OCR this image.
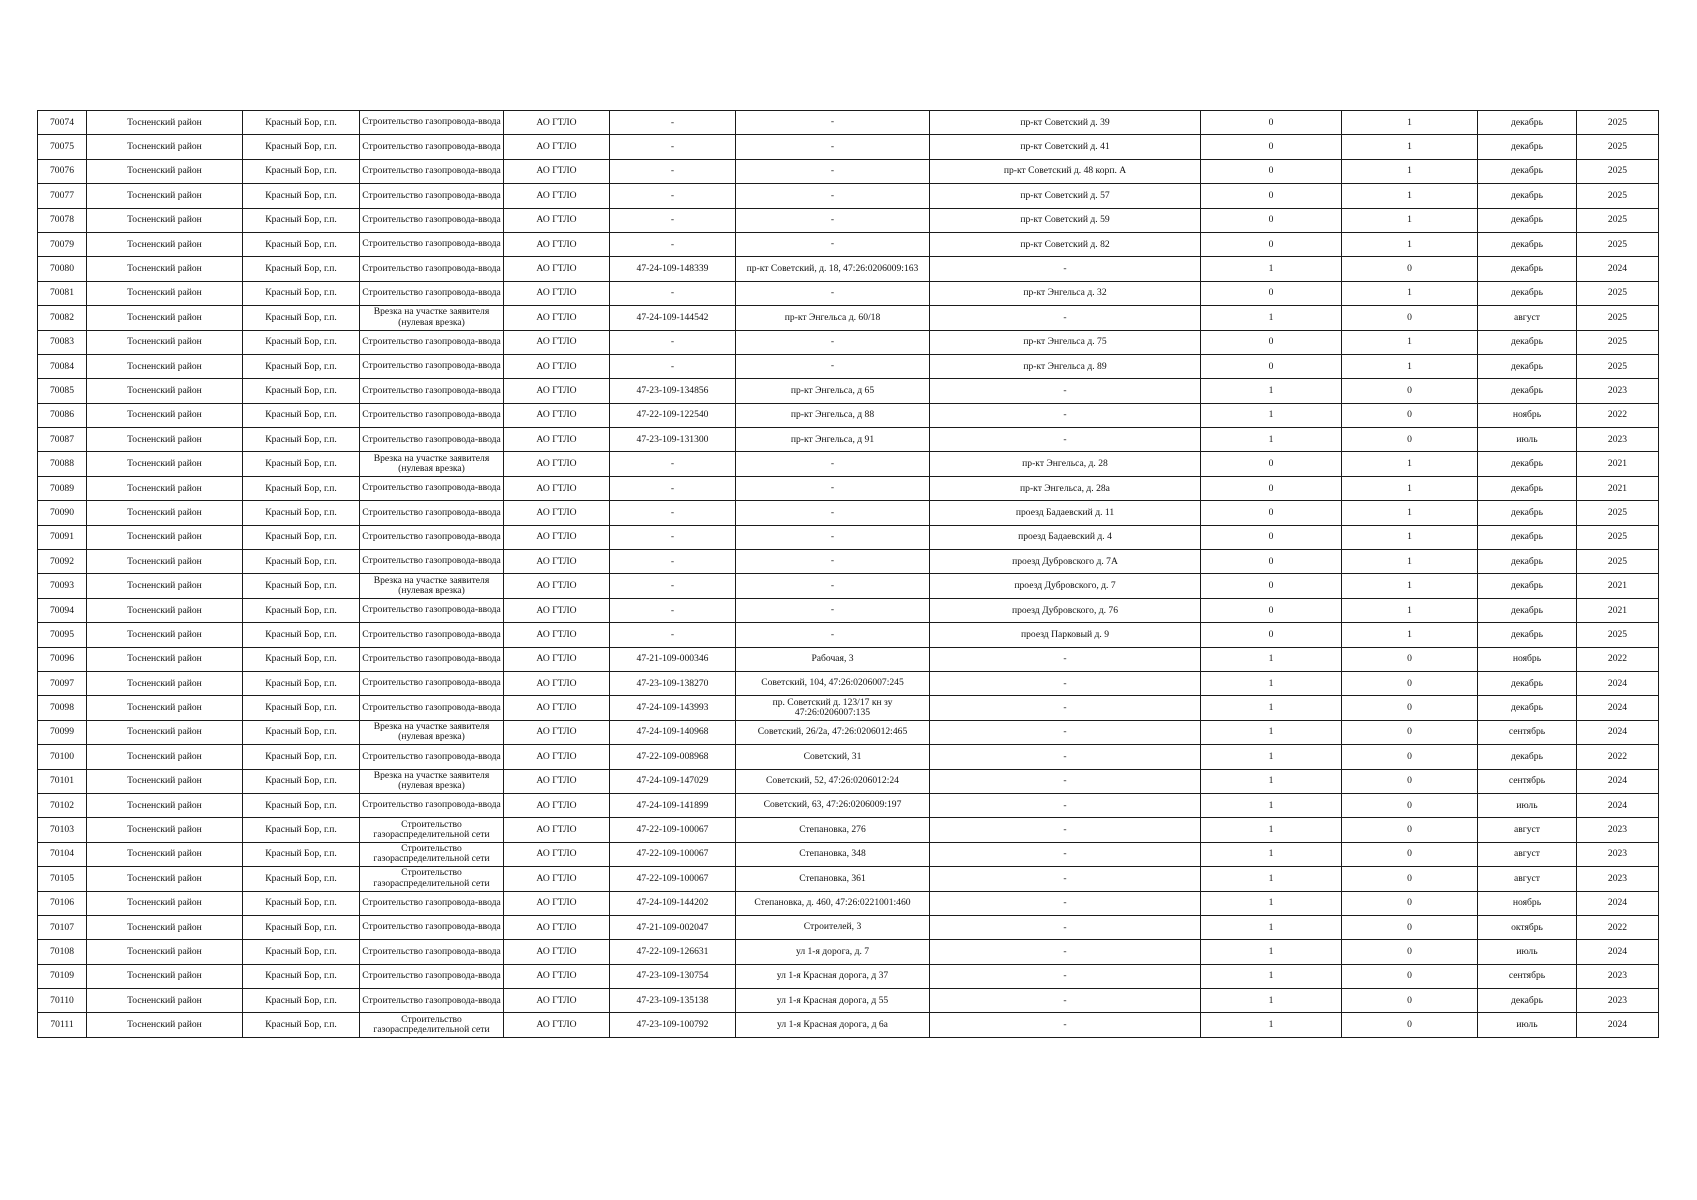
70074	Тосненский район	Красный Бор, г.п.	Строительство газопровода-ввода	АО ГТЛО	-	-	пр-кт Советский д. 39	0	1	декабрь	2025
70075	Тосненский район	Красный Бор, г.п.	Строительство газопровода-ввода	АО ГТЛО	-	-	пр-кт Советский д. 41	0	1	декабрь	2025
70076	Тосненский район	Красный Бор, г.п.	Строительство газопровода-ввода	АО ГТЛО	-	-	пр-кт Советский д. 48 корп. А	0	1	декабрь	2025
70077	Тосненский район	Красный Бор, г.п.	Строительство газопровода-ввода	АО ГТЛО	-	-	пр-кт Советский д. 57	0	1	декабрь	2025
70078	Тосненский район	Красный Бор, г.п.	Строительство газопровода-ввода	АО ГТЛО	-	-	пр-кт Советский д. 59	0	1	декабрь	2025
70079	Тосненский район	Красный Бор, г.п.	Строительство газопровода-ввода	АО ГТЛО	-	-	пр-кт Советский д. 82	0	1	декабрь	2025
70080	Тосненский район	Красный Бор, г.п.	Строительство газопровода-ввода	АО ГТЛО	47-24-109-148339	пр-кт Советский, д. 18, 47:26:0206009:163	-	1	0	декабрь	2024
70081	Тосненский район	Красный Бор, г.п.	Строительство газопровода-ввода	АО ГТЛО	-	-	пр-кт Энгельса д. 32	0	1	декабрь	2025
70082	Тосненский район	Красный Бор, г.п.	Врезка на участке заявителя (нулевая врезка)	АО ГТЛО	47-24-109-144542	пр-кт Энгельса д. 60/18	-	1	0	август	2025
70083	Тосненский район	Красный Бор, г.п.	Строительство газопровода-ввода	АО ГТЛО	-	-	пр-кт Энгельса д. 75	0	1	декабрь	2025
70084	Тосненский район	Красный Бор, г.п.	Строительство газопровода-ввода	АО ГТЛО	-	-	пр-кт Энгельса д. 89	0	1	декабрь	2025
70085	Тосненский район	Красный Бор, г.п.	Строительство газопровода-ввода	АО ГТЛО	47-23-109-134856	пр-кт Энгельса, д 65	-	1	0	декабрь	2023
70086	Тосненский район	Красный Бор, г.п.	Строительство газопровода-ввода	АО ГТЛО	47-22-109-122540	пр-кт Энгельса, д 88	-	1	0	ноябрь	2022
70087	Тосненский район	Красный Бор, г.п.	Строительство газопровода-ввода	АО ГТЛО	47-23-109-131300	пр-кт Энгельса, д 91	-	1	0	июль	2023
70088	Тосненский район	Красный Бор, г.п.	Врезка на участке заявителя (нулевая врезка)	АО ГТЛО	-	-	пр-кт Энгельса, д. 28	0	1	декабрь	2021
70089	Тосненский район	Красный Бор, г.п.	Строительство газопровода-ввода	АО ГТЛО	-	-	пр-кт Энгельса, д. 28а	0	1	декабрь	2021
70090	Тосненский район	Красный Бор, г.п.	Строительство газопровода-ввода	АО ГТЛО	-	-	проезд Бадаевский д. 11	0	1	декабрь	2025
70091	Тосненский район	Красный Бор, г.п.	Строительство газопровода-ввода	АО ГТЛО	-	-	проезд Бадаевский д. 4	0	1	декабрь	2025
70092	Тосненский район	Красный Бор, г.п.	Строительство газопровода-ввода	АО ГТЛО	-	-	проезд Дубровского д. 7А	0	1	декабрь	2025
70093	Тосненский район	Красный Бор, г.п.	Врезка на участке заявителя (нулевая врезка)	АО ГТЛО	-	-	проезд Дубровского, д. 7	0	1	декабрь	2021
70094	Тосненский район	Красный Бор, г.п.	Строительство газопровода-ввода	АО ГТЛО	-	-	проезд Дубровского, д. 76	0	1	декабрь	2021
70095	Тосненский район	Красный Бор, г.п.	Строительство газопровода-ввода	АО ГТЛО	-	-	проезд Парковый д. 9	0	1	декабрь	2025
70096	Тосненский район	Красный Бор, г.п.	Строительство газопровода-ввода	АО ГТЛО	47-21-109-000346	Рабочая, 3	-	1	0	ноябрь	2022
70097	Тосненский район	Красный Бор, г.п.	Строительство газопровода-ввода	АО ГТЛО	47-23-109-138270	Советский, 104, 47:26:0206007:245	-	1	0	декабрь	2024
70098	Тосненский район	Красный Бор, г.п.	Строительство газопровода-ввода	АО ГТЛО	47-24-109-143993	пр. Советский д. 123/17 кн зу 47:26:0206007:135	-	1	0	декабрь	2024
70099	Тосненский район	Красный Бор, г.п.	Врезка на участке заявителя (нулевая врезка)	АО ГТЛО	47-24-109-140968	Советский, 26/2а, 47:26:0206012:465	-	1	0	сентябрь	2024
70100	Тосненский район	Красный Бор, г.п.	Строительство газопровода-ввода	АО ГТЛО	47-22-109-008968	Советский, 31	-	1	0	декабрь	2022
70101	Тосненский район	Красный Бор, г.п.	Врезка на участке заявителя (нулевая врезка)	АО ГТЛО	47-24-109-147029	Советский, 52, 47:26:0206012:24	-	1	0	сентябрь	2024
70102	Тосненский район	Красный Бор, г.п.	Строительство газопровода-ввода	АО ГТЛО	47-24-109-141899	Советский, 63, 47:26:0206009:197	-	1	0	июль	2024
70103	Тосненский район	Красный Бор, г.п.	Строительство газораспределительной сети	АО ГТЛО	47-22-109-100067	Степановка, 276	-	1	0	август	2023
70104	Тосненский район	Красный Бор, г.п.	Строительство газораспределительной сети	АО ГТЛО	47-22-109-100067	Степановка, 348	-	1	0	август	2023
70105	Тосненский район	Красный Бор, г.п.	Строительство газораспределительной сети	АО ГТЛО	47-22-109-100067	Степановка, 361	-	1	0	август	2023
70106	Тосненский район	Красный Бор, г.п.	Строительство газопровода-ввода	АО ГТЛО	47-24-109-144202	Степановка, д. 460, 47:26:0221001:460	-	1	0	ноябрь	2024
70107	Тосненский район	Красный Бор, г.п.	Строительство газопровода-ввода	АО ГТЛО	47-21-109-002047	Строителей, 3	-	1	0	октябрь	2022
70108	Тосненский район	Красный Бор, г.п.	Строительство газопровода-ввода	АО ГТЛО	47-22-109-126631	ул 1-я дорога, д. 7	-	1	0	июль	2024
70109	Тосненский район	Красный Бор, г.п.	Строительство газопровода-ввода	АО ГТЛО	47-23-109-130754	ул 1-я Красная дорога, д 37	-	1	0	сентябрь	2023
70110	Тосненский район	Красный Бор, г.п.	Строительство газопровода-ввода	АО ГТЛО	47-23-109-135138	ул 1-я Красная дорога, д 55	-	1	0	декабрь	2023
70111	Тосненский район	Красный Бор, г.п.	Строительство газораспределительной сети	АО ГТЛО	47-23-109-100792	ул 1-я Красная дорога, д 6а	-	1	0	июль	2024
